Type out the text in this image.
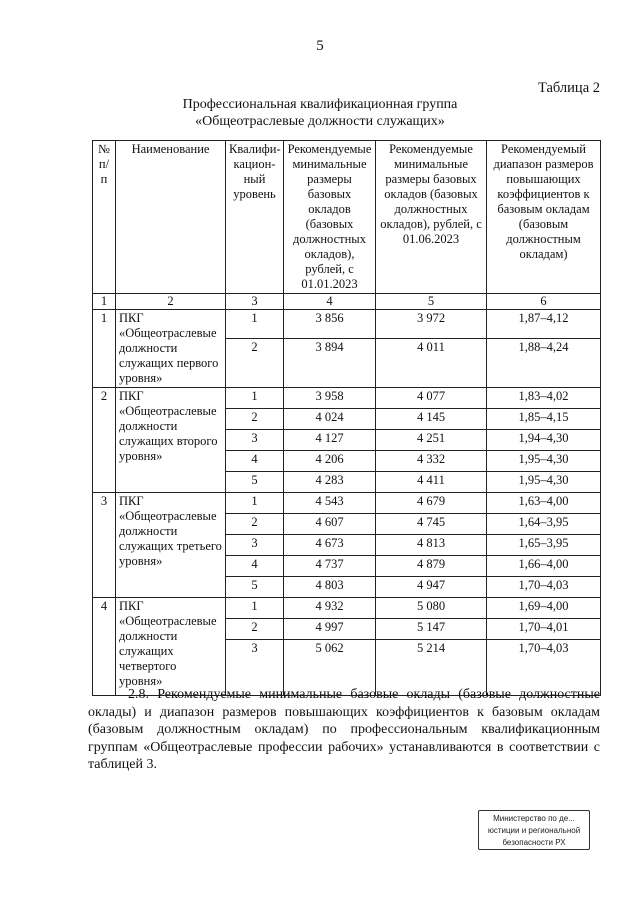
5
Таблица 2
Профессиональная квалификационная группа
«Общеотраслевые должности служащих»
№ п/п	Наименование	Квалифи-кацион-ный уровень	Рекомендуемые минимальные размеры базовых окладов (базовых должностных окладов), рублей, с 01.01.2023	Рекомендуемые минимальные размеры базовых окладов (базовых должностных окладов), рублей, с 01.06.2023	Рекомендуемый диапазон размеров повышающих коэффициентов к базовым окладам (базовым должностным окладам)
1	2	3	4	5	6
1	ПКГ «Общеотраслевые должности служащих первого уровня»	1	3 856	3 972	1,87–4,12
		2	3 894	4 011	1,88–4,24
2	ПКГ «Общеотраслевые должности служащих второго уровня»	1	3 958	4 077	1,83–4,02
		2	4 024	4 145	1,85–4,15
		3	4 127	4 251	1,94–4,30
		4	4 206	4 332	1,95–4,30
		5	4 283	4 411	1,95–4,30
3	ПКГ «Общеотраслевые должности служащих третьего уровня»	1	4 543	4 679	1,63–4,00
		2	4 607	4 745	1,64–3,95
		3	4 673	4 813	1,65–3,95
		4	4 737	4 879	1,66–4,00
		5	4 803	4 947	1,70–4,03
4	ПКГ «Общеотраслевые должности служащих четвертого уровня»	1	4 932	5 080	1,69–4,00
		2	4 997	5 147	1,70–4,01
		3	5 062	5 214	1,70–4,03
2.8. Рекомендуемые минимальные базовые оклады (базовые должностные оклады) и диапазон размеров повышающих коэффициентов к базовым окладам (базовым должностным окладам) по профессиональным квалификационным группам «Общеотраслевые профессии рабочих» устанавливаются в соответствии с таблицей 3.
Министерство по де...
юстиции и региональной
безопасности РХ
